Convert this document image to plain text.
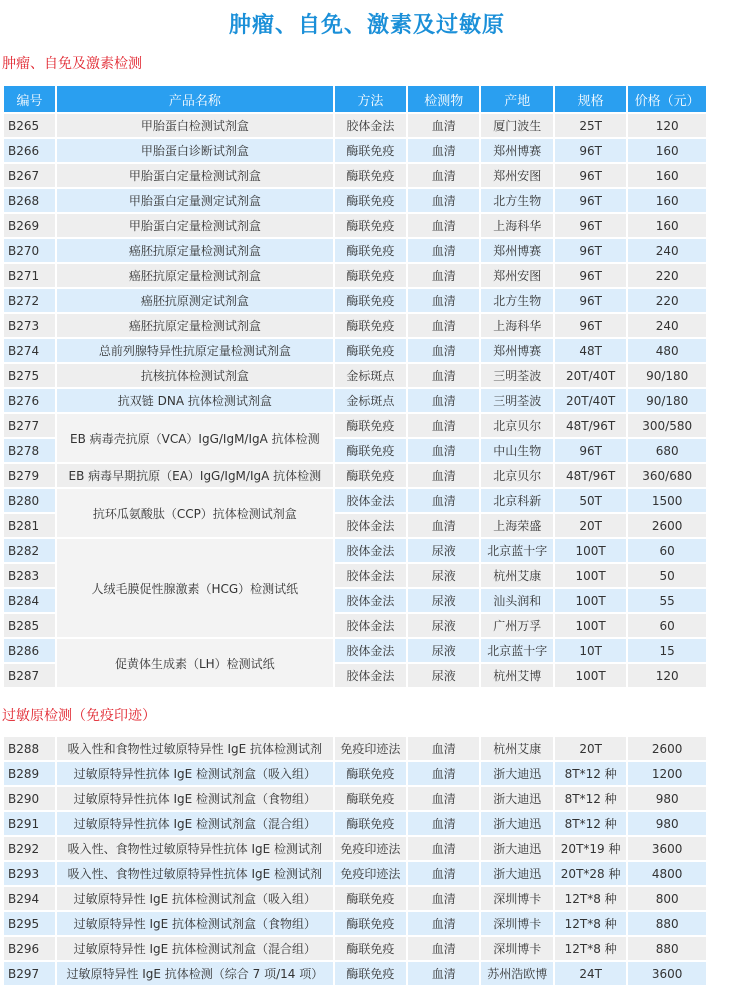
肿瘤、自免、激素及过敏原
肿瘤、自免及激素检测
编号	产品名称	方法	检测物	产地	规格	价格（元）
B265	甲胎蛋白检测试剂盒	胶体金法	血清	厦门波生	25T	120
B266	甲胎蛋白诊断试剂盒	酶联免疫	血清	郑州博赛	96T	160
B267	甲胎蛋白定量检测试剂盒	酶联免疫	血清	郑州安图	96T	160
B268	甲胎蛋白定量测定试剂盒	酶联免疫	血清	北方生物	96T	160
B269	甲胎蛋白定量检测试剂盒	酶联免疫	血清	上海科华	96T	160
B270	癌胚抗原定量检测试剂盒	酶联免疫	血清	郑州博赛	96T	240
B271	癌胚抗原定量检测试剂盒	酶联免疫	血清	郑州安图	96T	220
B272	癌胚抗原测定试剂盒	酶联免疫	血清	北方生物	96T	220
B273	癌胚抗原定量检测试剂盒	酶联免疫	血清	上海科华	96T	240
B274	总前列腺特异性抗原定量检测试剂盒	酶联免疫	血清	郑州博赛	48T	480
B275	抗核抗体检测试剂盒	金标斑点	血清	三明荃波	20T/40T	90/180
B276	抗双链 DNA 抗体检测试剂盒	金标斑点	血清	三明荃波	20T/40T	90/180
B277	EB 病毒壳抗原（VCA）IgG/IgM/IgA 抗体检测	酶联免疫	血清	北京贝尔	48T/96T	300/580
B278		酶联免疫	血清	中山生物	96T	680
B279	EB 病毒早期抗原（EA）IgG/IgM/IgA 抗体检测	酶联免疫	血清	北京贝尔	48T/96T	360/680
B280	抗环瓜氨酸肽（CCP）抗体检测试剂盒	胶体金法	血清	北京科新	50T	1500
B281		胶体金法	血清	上海荣盛	20T	2600
B282	人绒毛膜促性腺激素（HCG）检测试纸	胶体金法	尿液	北京蓝十字	100T	60
B283		胶体金法	尿液	杭州艾康	100T	50
B284		胶体金法	尿液	汕头润和	100T	55
B285		胶体金法	尿液	广州万孚	100T	60
B286	促黄体生成素（LH）检测试纸	胶体金法	尿液	北京蓝十字	10T	15
B287		胶体金法	尿液	杭州艾博	100T	120
过敏原检测（免疫印迹）
B288	吸入性和食物性过敏原特异性 IgE 抗体检测试剂	免疫印迹法	血清	杭州艾康	20T	2600
B289	过敏原特异性抗体 IgE 检测试剂盒（吸入组）	酶联免疫	血清	浙大迪迅	8T*12 种	1200
B290	过敏原特异性抗体 IgE 检测试剂盒（食物组）	酶联免疫	血清	浙大迪迅	8T*12 种	980
B291	过敏原特异性抗体 IgE 检测试剂盒（混合组）	酶联免疫	血清	浙大迪迅	8T*12 种	980
B292	吸入性、食物性过敏原特异性抗体 IgE 检测试剂	免疫印迹法	血清	浙大迪迅	20T*19 种	3600
B293	吸入性、食物性过敏原特异性抗体 IgE 检测试剂	免疫印迹法	血清	浙大迪迅	20T*28 种	4800
B294	过敏原特异性 IgE 抗体检测试剂盒（吸入组）	酶联免疫	血清	深圳博卡	12T*8 种	800
B295	过敏原特异性 IgE 抗体检测试剂盒（食物组）	酶联免疫	血清	深圳博卡	12T*8 种	880
B296	过敏原特异性 IgE 抗体检测试剂盒（混合组）	酶联免疫	血清	深圳博卡	12T*8 种	880
B297	过敏原特异性 IgE 抗体检测（综合 7 项/14 项）	酶联免疫	血清	苏州浩欧博	24T	3600
